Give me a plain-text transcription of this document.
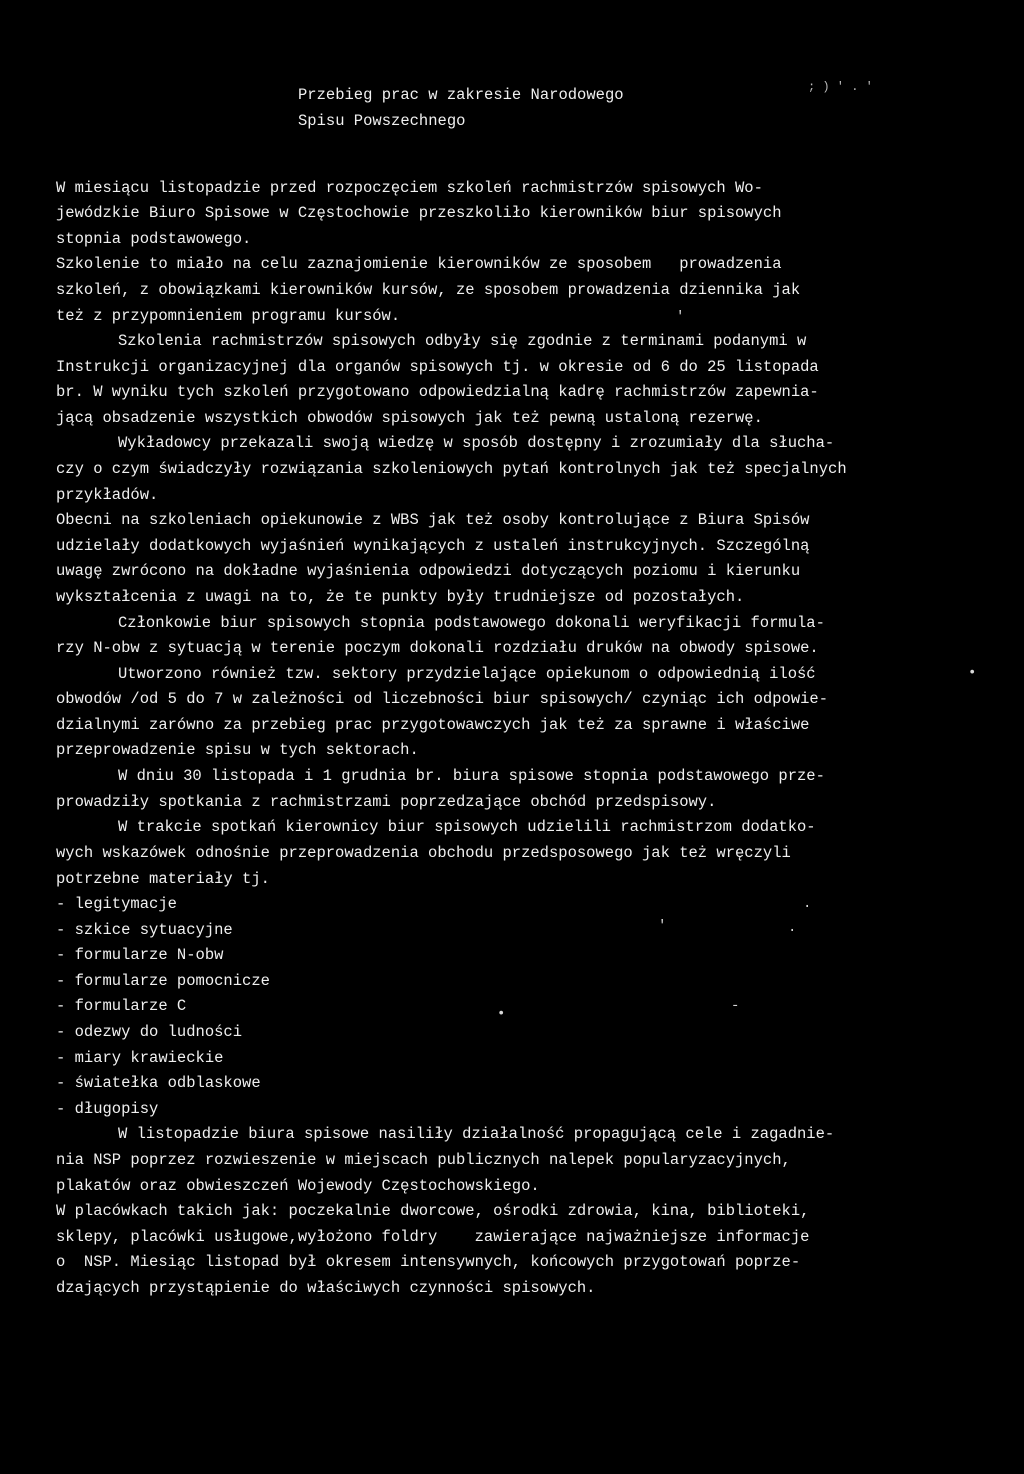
Przebieg prac w zakresie Narodowego
Spisu Powszechnego
; ) ' . '
W miesiącu listopadzie przed rozpoczęciem szkoleń rachmistrzów spisowych Wo-
jewódzkie Biuro Spisowe w Częstochowie przeszkoliło kierowników biur spisowych
stopnia podstawowego.
Szkolenie to miało na celu zaznajomienie kierowników ze sposobem   prowadzenia
szkoleń, z obowiązkami kierowników kursów, ze sposobem prowadzenia dziennika jak
też z przypomnieniem programu kursów.
Szkolenia rachmistrzów spisowych odbyły się zgodnie z terminami podanymi w
Instrukcji organizacyjnej dla organów spisowych tj. w okresie od 6 do 25 listopada
br. W wyniku tych szkoleń przygotowano odpowiedzialną kadrę rachmistrzów zapewnia-
jącą obsadzenie wszystkich obwodów spisowych jak też pewną ustaloną rezerwę.
Wykładowcy przekazali swoją wiedzę w sposób dostępny i zrozumiały dla słucha-
czy o czym świadczyły rozwiązania szkoleniowych pytań kontrolnych jak też specjalnych
przykładów.
Obecni na szkoleniach opiekunowie z WBS jak też osoby kontrolujące z Biura Spisów
udzielały dodatkowych wyjaśnień wynikających z ustaleń instrukcyjnych. Szczególną
uwagę zwrócono na dokładne wyjaśnienia odpowiedzi dotyczących poziomu i kierunku
wykształcenia z uwagi na to, że te punkty były trudniejsze od pozostałych.
Członkowie biur spisowych stopnia podstawowego dokonali weryfikacji formula-
rzy N-obw z sytuacją w terenie poczym dokonali rozdziału druków na obwody spisowe.
Utworzono również tzw. sektory przydzielające opiekunom o odpowiednią ilość
obwodów /od 5 do 7 w zależności od liczebności biur spisowych/ czyniąc ich odpowie-
dzialnymi zarówno za przebieg prac przygotowawczych jak też za sprawne i właściwe
przeprowadzenie spisu w tych sektorach.
W dniu 30 listopada i 1 grudnia br. biura spisowe stopnia podstawowego prze-
prowadziły spotkania z rachmistrzami poprzedzające obchód przedspisowy.
W trakcie spotkań kierownicy biur spisowych udzielili rachmistrzom dodatko-
wych wskazówek odnośnie przeprowadzenia obchodu przedsposowego jak też wręczyli
potrzebne materiały tj.
- legitymacje
- szkice sytuacyjne
- formularze N-obw
- formularze pomocnicze
- formularze C
- odezwy do ludności
- miary krawieckie
- światełka odblaskowe
- długopisy
W listopadzie biura spisowe nasiliły działalność propagującą cele i zagadnie-
nia NSP poprzez rozwieszenie w miejscach publicznych nalepek popularyzacyjnych,
plakatów oraz obwieszczeń Wojewody Częstochowskiego.
W placówkach takich jak: poczekalnie dworcowe, ośrodki zdrowia, kina, biblioteki,
sklepy, placówki usługowe,wyłożono foldry    zawierające najważniejsze informacje
o  NSP. Miesiąc listopad był okresem intensywnych, końcowych przygotowań poprze-
dzających przystąpienie do właściwych czynności spisowych.
'
•
.
'	.
•	-
